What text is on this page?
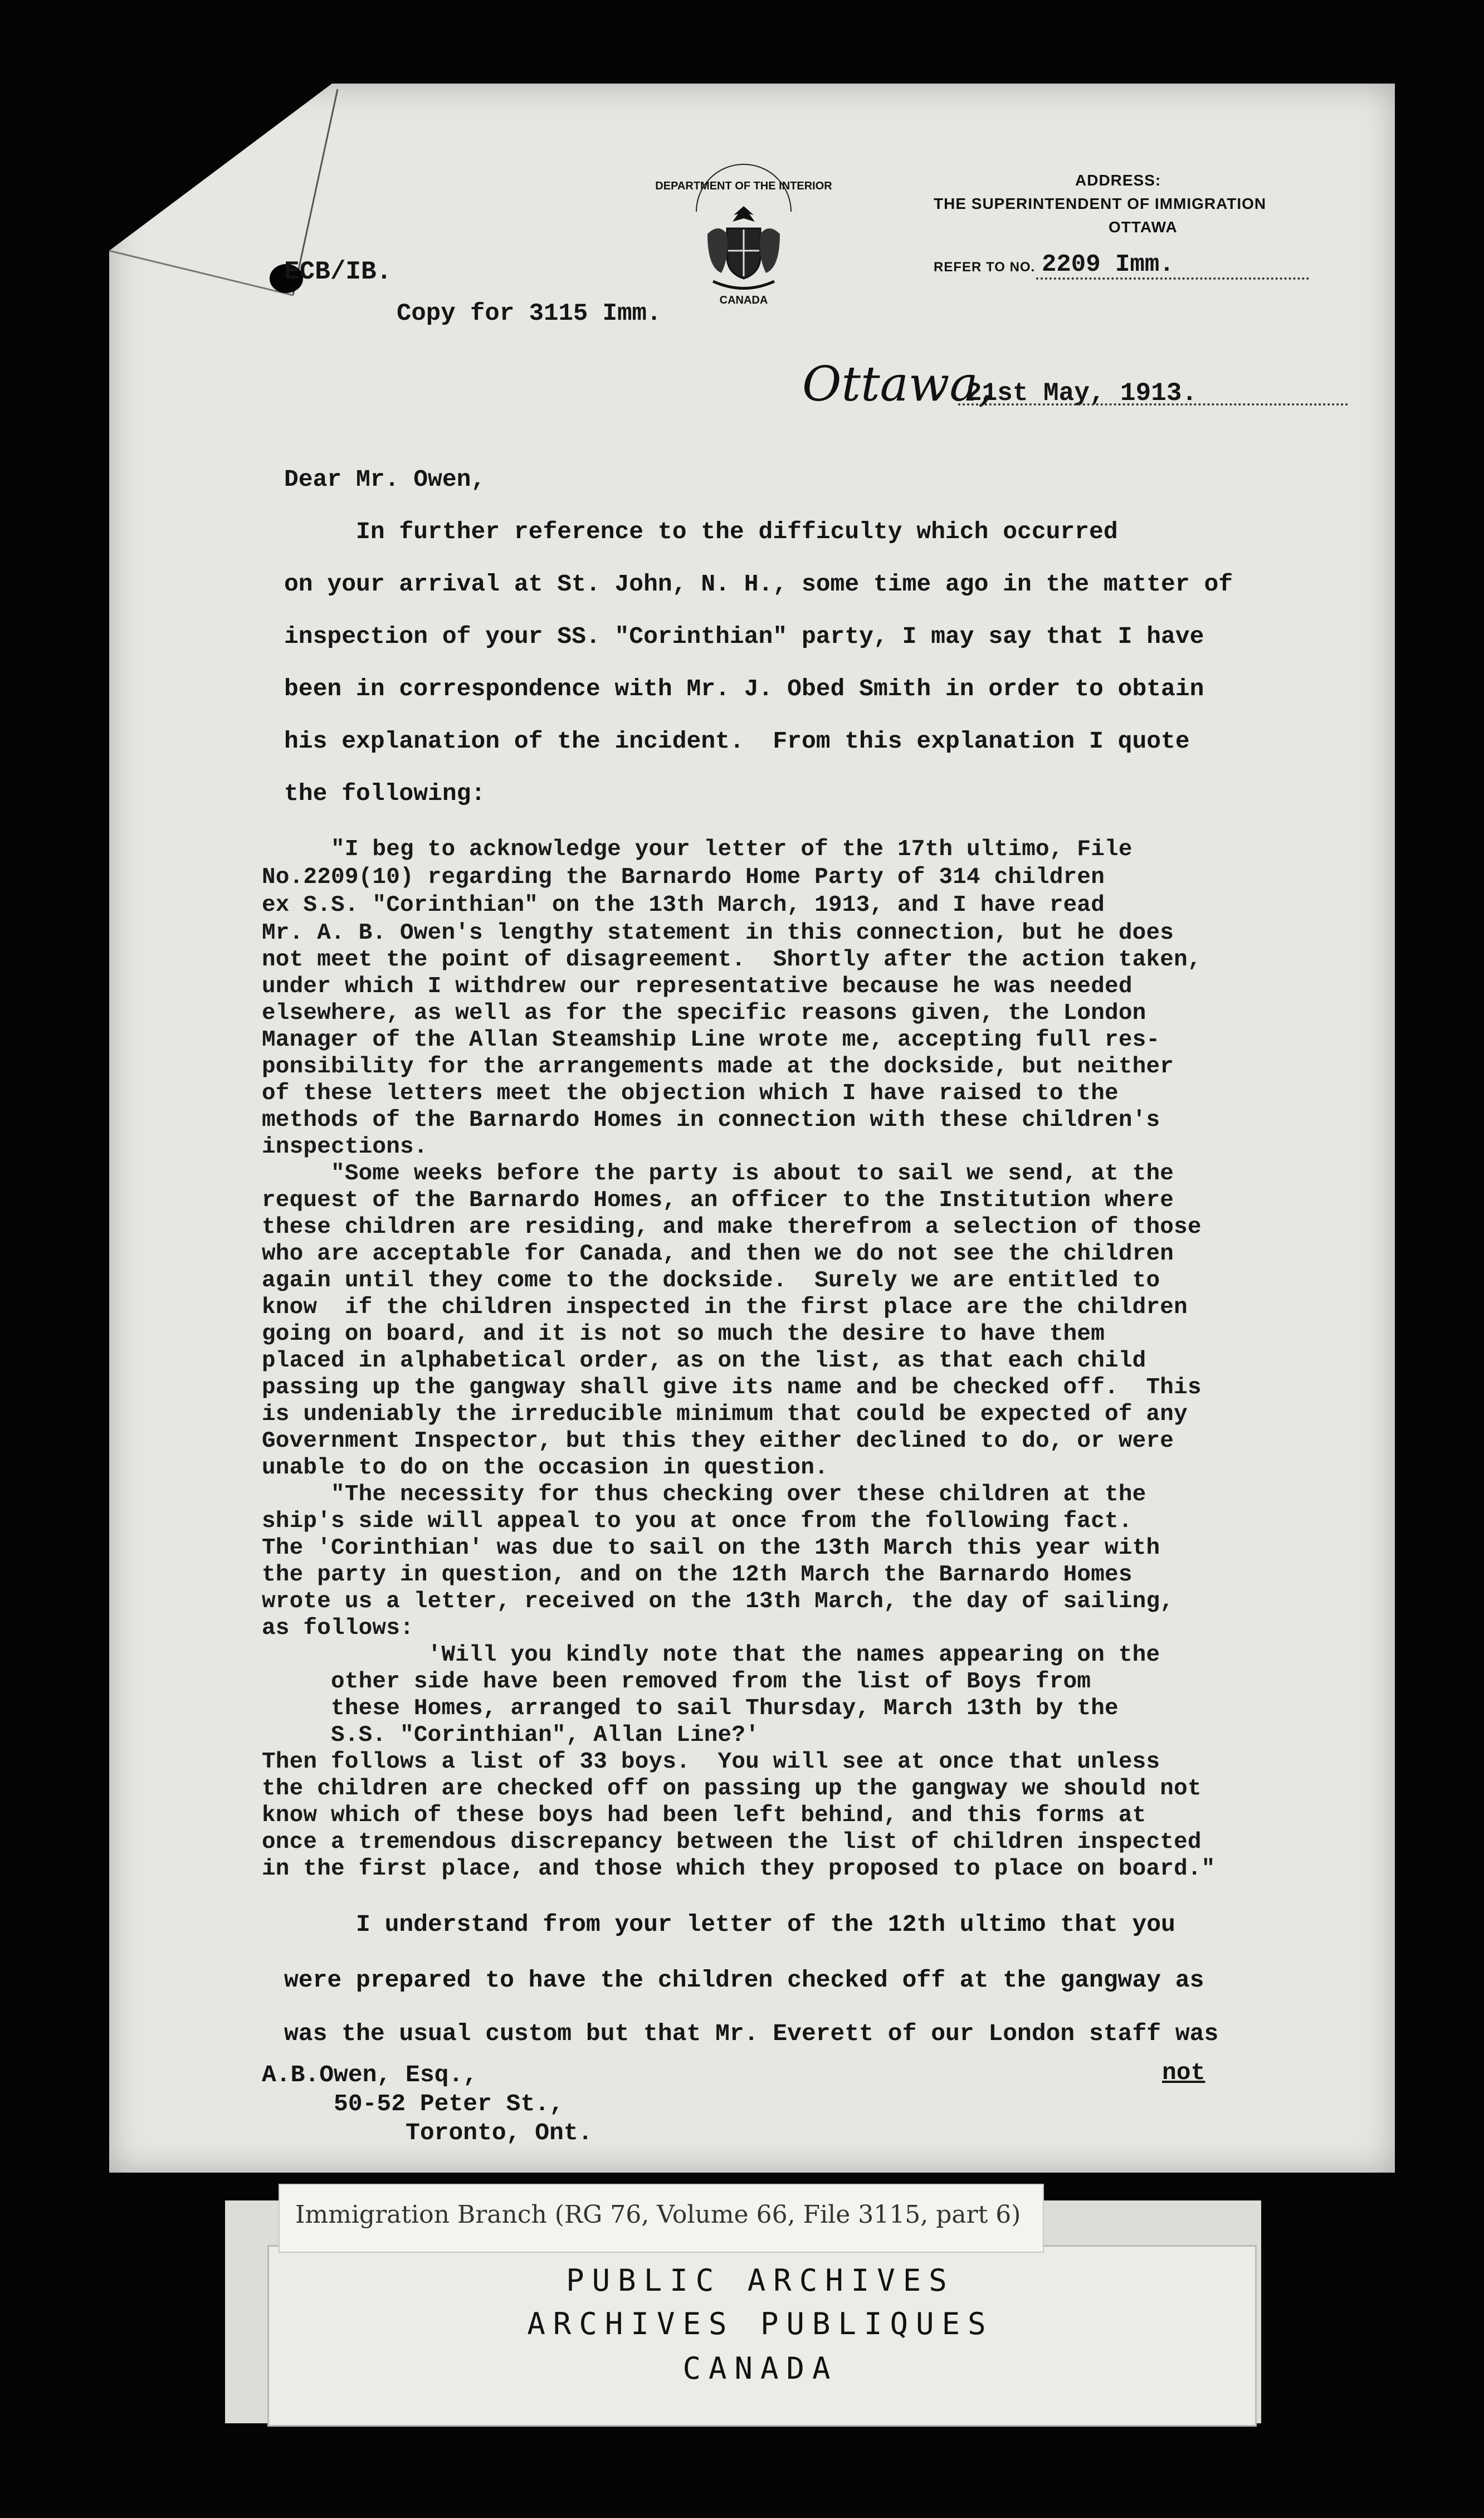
ADDRESS:
THE SUPERINTENDENT OF IMMIGRATION
OTTAWA
REFER TO NO. 2209 Imm.
DEPARTMENT OF THE INTERIOR
CANADA
ECB/IB.
Copy for 3115 Imm.
Ottawa,
21st May, 1913.
Dear Mr. Owen,
In further reference to the difficulty which occurred
on your arrival at St. John, N. H., some time ago in the matter of
inspection of your SS. "Corinthian" party, I may say that I have
been in correspondence with Mr. J. Obed Smith in order to obtain
his explanation of the incident.  From this explanation I quote
the following:
"I beg to acknowledge your letter of the 17th ultimo, File
No.2209(10) regarding the Barnardo Home Party of 314 children
ex S.S. "Corinthian" on the 13th March, 1913, and I have read
Mr. A. B. Owen's lengthy statement in this connection, but he does
not meet the point of disagreement.  Shortly after the action taken,
under which I withdrew our representative because he was needed
elsewhere, as well as for the specific reasons given, the London
Manager of the Allan Steamship Line wrote me, accepting full res-
ponsibility for the arrangements made at the dockside, but neither
of these letters meet the objection which I have raised to the
methods of the Barnardo Homes in connection with these children's
inspections.
"Some weeks before the party is about to sail we send, at the
request of the Barnardo Homes, an officer to the Institution where
these children are residing, and make therefrom a selection of those
who are acceptable for Canada, and then we do not see the children
again until they come to the dockside.  Surely we are entitled to
know  if the children inspected in the first place are the children
going on board, and it is not so much the desire to have them
placed in alphabetical order, as on the list, as that each child
passing up the gangway shall give its name and be checked off.  This
is undeniably the irreducible minimum that could be expected of any
Government Inspector, but this they either declined to do, or were
unable to do on the occasion in question.
"The necessity for thus checking over these children at the
ship's side will appeal to you at once from the following fact.
The 'Corinthian' was due to sail on the 13th March this year with
the party in question, and on the 12th March the Barnardo Homes
wrote us a letter, received on the 13th March, the day of sailing,
as follows:
'Will you kindly note that the names appearing on the
other side have been removed from the list of Boys from
these Homes, arranged to sail Thursday, March 13th by the
S.S. "Corinthian", Allan Line?'
Then follows a list of 33 boys.  You will see at once that unless
the children are checked off on passing up the gangway we should not
know which of these boys had been left behind, and this forms at
once a tremendous discrepancy between the list of children inspected
in the first place, and those which they proposed to place on board."
I understand from your letter of the 12th ultimo that you
were prepared to have the children checked off at the gangway as
was the usual custom but that Mr. Everett of our London staff was
A.B.Owen, Esq.,
50-52 Peter St.,
Toronto, Ont.
not
Immigration Branch (RG 76, Volume 66, File 3115, part 6)
PUBLIC ARCHIVES
ARCHIVES PUBLIQUES
CANADA
